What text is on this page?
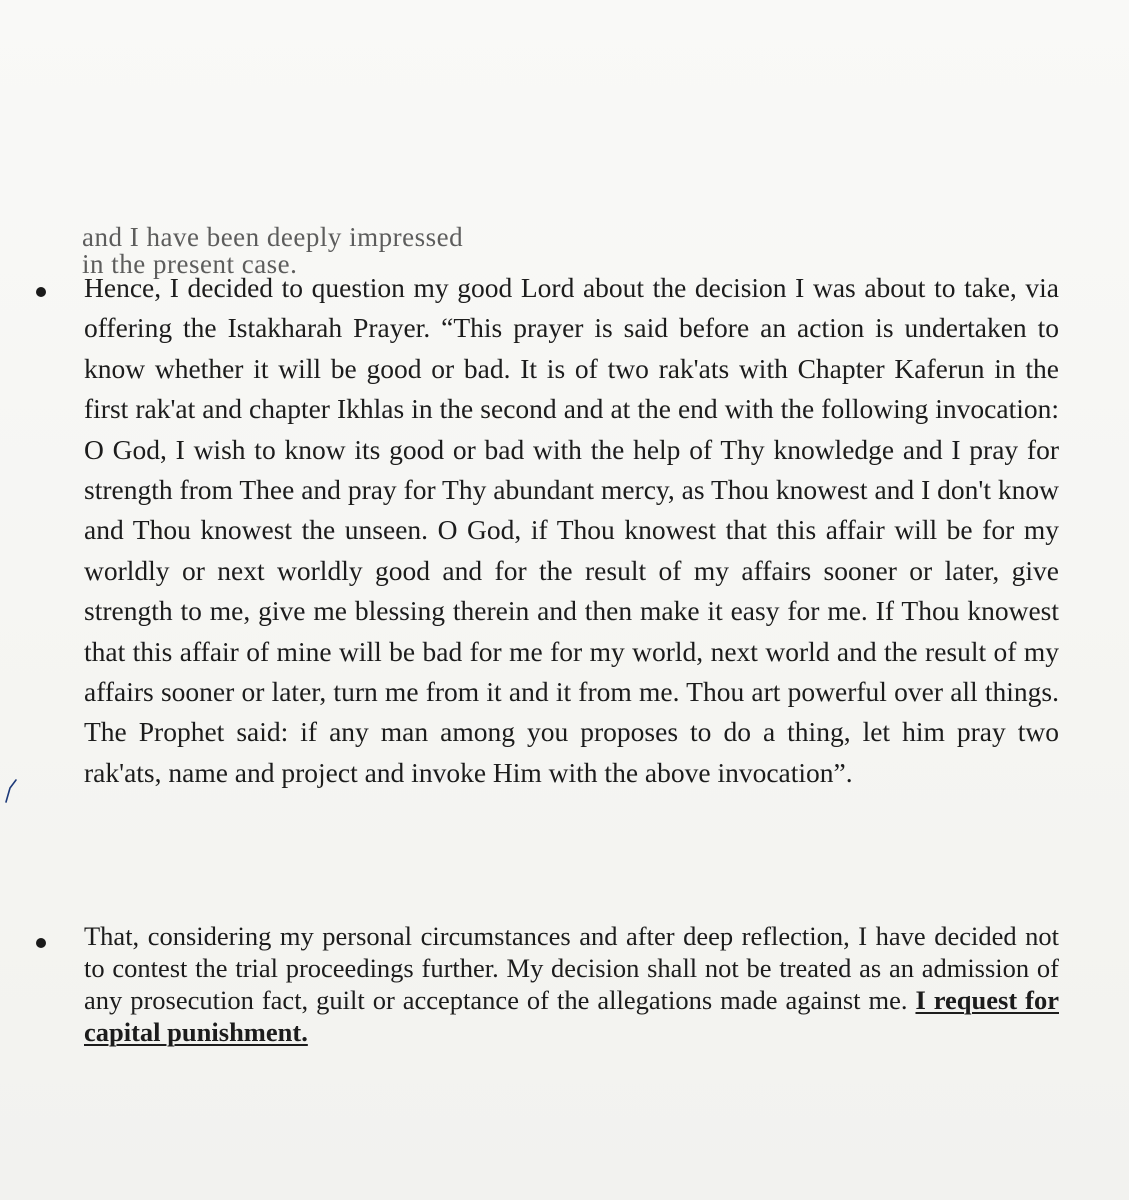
and I have been deeply impressed in the present case.

Hence, I decided to question my good Lord about the decision I was about to take, via offering the Istakharah Prayer. “This prayer is said before an action is undertaken to know whether it will be good or bad. It is of two rak'ats with Chapter Kaferun in the first rak'at and chapter Ikhlas in the second and at the end with the following invocation: O God, I wish to know its good or bad with the help of Thy knowledge and I pray for strength from Thee and pray for Thy abundant mercy, as Thou knowest and I don't know and Thou knowest the unseen. O God, if Thou knowest that this affair will be for my worldly or next worldly good and for the result of my affairs sooner or later, give strength to me, give me blessing therein and then make it easy for me. If Thou knowest that this affair of mine will be bad for me for my world, next world and the result of my affairs sooner or later, turn me from it and it from me. Thou art powerful over all things. The Prophet said: if any man among you proposes to do a thing, let him pray two rak'ats, name and project and invoke Him with the above invocation”.

That, considering my personal circumstances and after deep reflection, I have decided not to contest the trial proceedings further. My decision shall not be treated as an admission of any prosecution fact, guilt or acceptance of the allegations made against me. I request for capital punishment.
